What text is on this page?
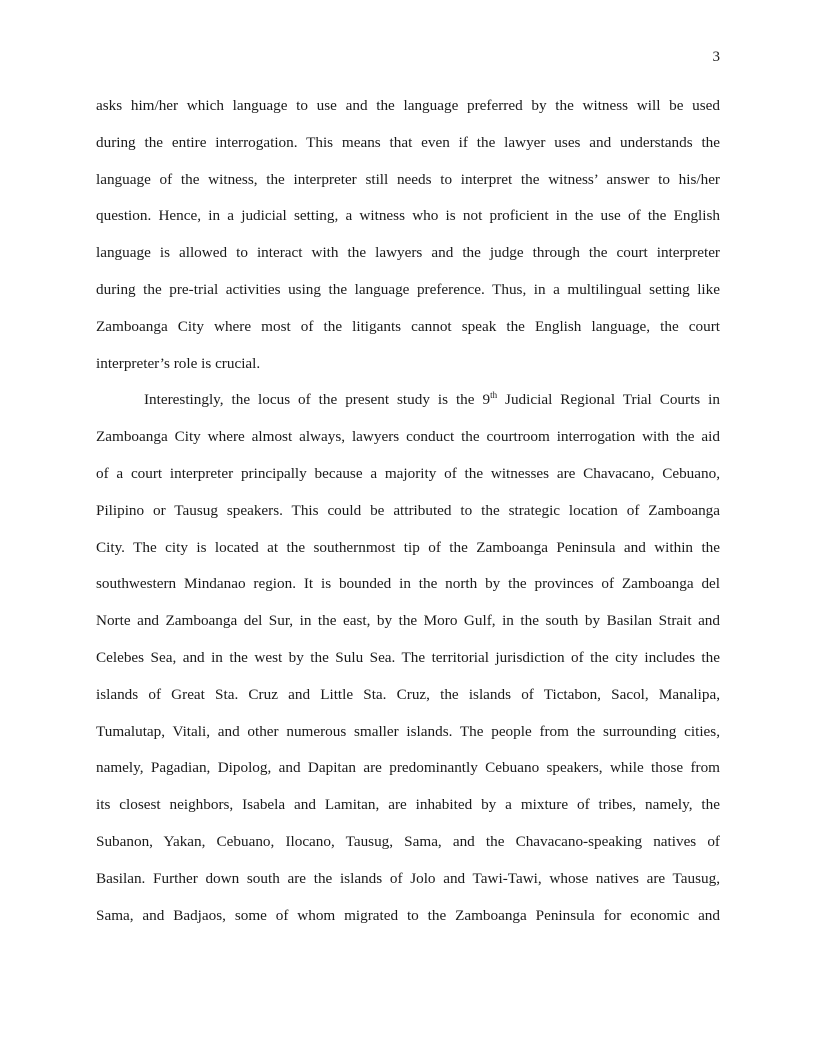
3
asks him/her which language to use and the language preferred by the witness will be used
during the entire interrogation. This means that even if the lawyer uses and understands the
language of the witness, the interpreter still needs to interpret the witness’ answer to his/her
question. Hence, in a judicial setting, a witness who is not proficient in the use of the English
language is allowed to interact with the lawyers and the judge through the court interpreter
during the pre-trial activities using the language preference. Thus, in a multilingual setting like
Zamboanga City where most of the litigants cannot speak the English language, the court
interpreter’s role is crucial.
Interestingly, the locus of the present study is the 9th Judicial Regional Trial Courts in
Zamboanga City where almost always, lawyers conduct the courtroom interrogation with the aid
of a court interpreter principally because a majority of the witnesses are Chavacano, Cebuano,
Pilipino or Tausug speakers. This could be attributed to the strategic location of Zamboanga
City. The city is located at the southernmost tip of the Zamboanga Peninsula and within the
southwestern Mindanao region. It is bounded in the north by the provinces of Zamboanga del
Norte and Zamboanga del Sur, in the east, by the Moro Gulf, in the south by Basilan Strait and
Celebes Sea, and in the west by the Sulu Sea. The territorial jurisdiction of the city includes the
islands of Great Sta. Cruz and Little Sta. Cruz, the islands of Tictabon, Sacol, Manalipa,
Tumalutap, Vitali, and other numerous smaller islands. The people from the surrounding cities,
namely, Pagadian, Dipolog, and Dapitan are predominantly Cebuano speakers, while those from
its closest neighbors, Isabela and Lamitan, are inhabited by a mixture of tribes, namely, the
Subanon, Yakan, Cebuano, Ilocano, Tausug, Sama, and the Chavacano-speaking natives of
Basilan. Further down south are the islands of Jolo and Tawi-Tawi, whose natives are Tausug,
Sama, and Badjaos, some of whom migrated to the Zamboanga Peninsula for economic and
